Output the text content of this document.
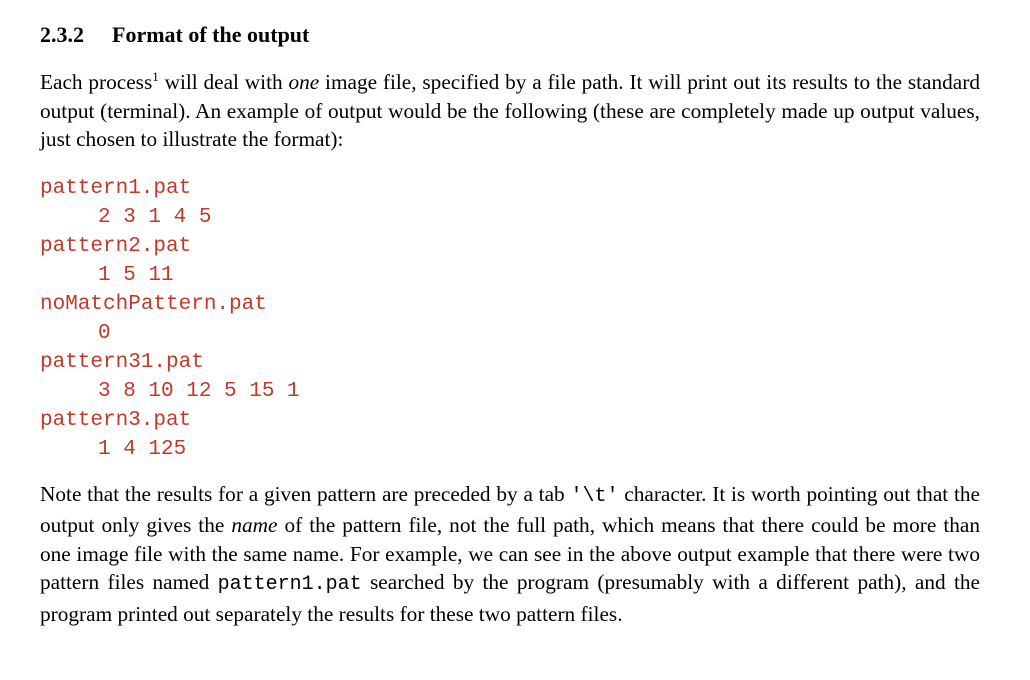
2.3.2 Format of the output

Each process$^1$ will deal with one image file, specified by a file path. It will print out its results to the standard output (terminal). An example of output would be the following (these are completely made up output values, just chosen to illustrate the format):

pattern1.pat
2 3 1 4 5
pattern2.pat
1 5 11
noMatchPattern.pat
0
pattern31.pat
3 8 10 12 5 15 1
pattern3.pat
1 4 125

Note that the results for a given pattern are preceded by a tab '\t' character. It is worth pointing out that the output only gives the name of the pattern file, not the full path, which means that there could be more than one image file with the same name. For example, we can see in the above output example that there were two pattern files named pattern1.pat searched by the program (presumably with a different path), and the program printed out separately the results for these two pattern files.
